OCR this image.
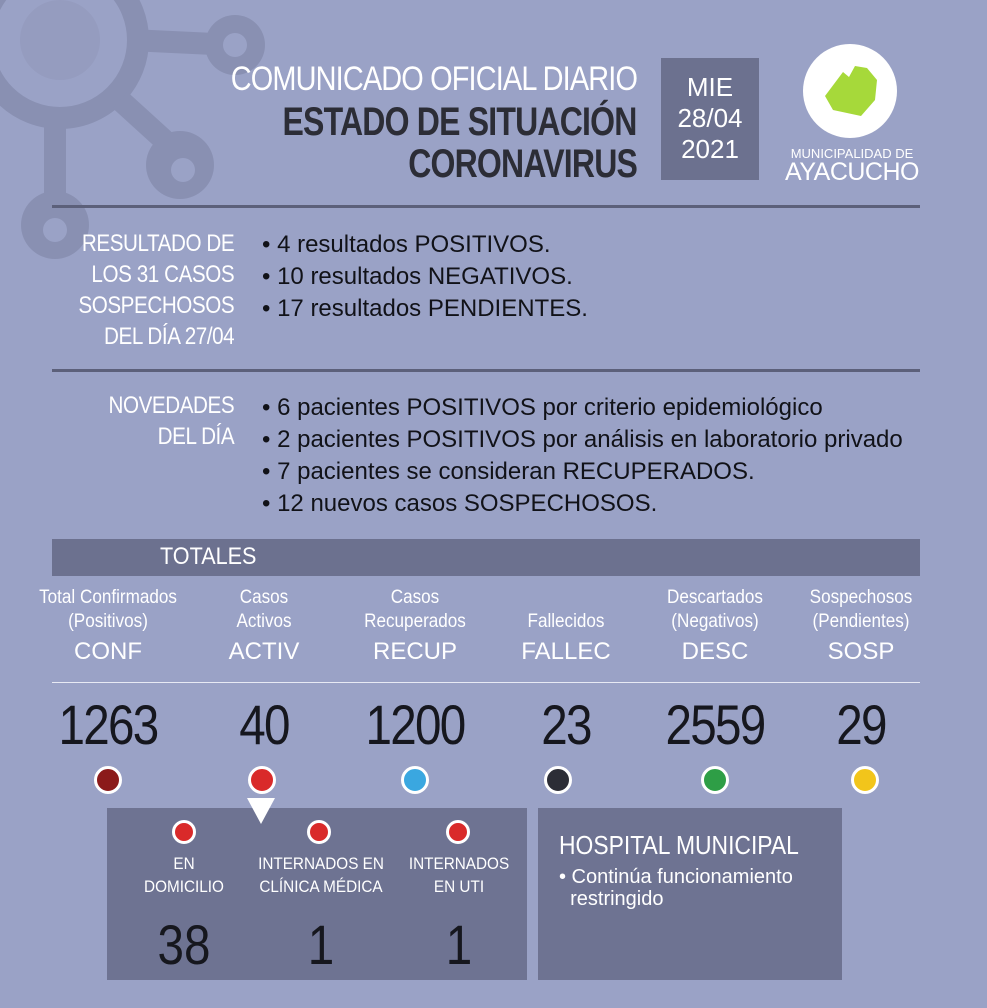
COMUNICADO OFICIAL DIARIO
ESTADO DE SITUACIÓN
CORONAVIRUS
MIE
28/04
2021	MUNICIPALIDAD DE
AYACUCHO
RESULTADO DE
LOS 31 CASOS
SOSPECHOSOS
DEL DÍA 27/04
• 4 resultados POSITIVOS.
• 10 resultados NEGATIVOS.
• 17 resultados PENDIENTES.
NOVEDADES
DEL DÍA
• 6 pacientes POSITIVOS por criterio epidemiológico
• 2 pacientes POSITIVOS por análisis en laboratorio privado
• 7 pacientes se consideran RECUPERADOS.
• 12 nuevos casos SOSPECHOSOS.
TOTALES
Total Confirmados
(Positivos)
CONF
Casos
Activos
ACTIV
Casos
Recuperados
RECUP

Fallecidos
FALLEC
Descartados
(Negativos)
DESC
Sospechosos
(Pendientes)
SOSP
1263	40	1200	23	2559	29
EN
DOMICILIO
INTERNADOS EN
CLÍNICA MÉDICA
INTERNADOS
EN UTI
38	1	1
HOSPITAL MUNICIPAL
• Continúa funcionamiento
restringido
